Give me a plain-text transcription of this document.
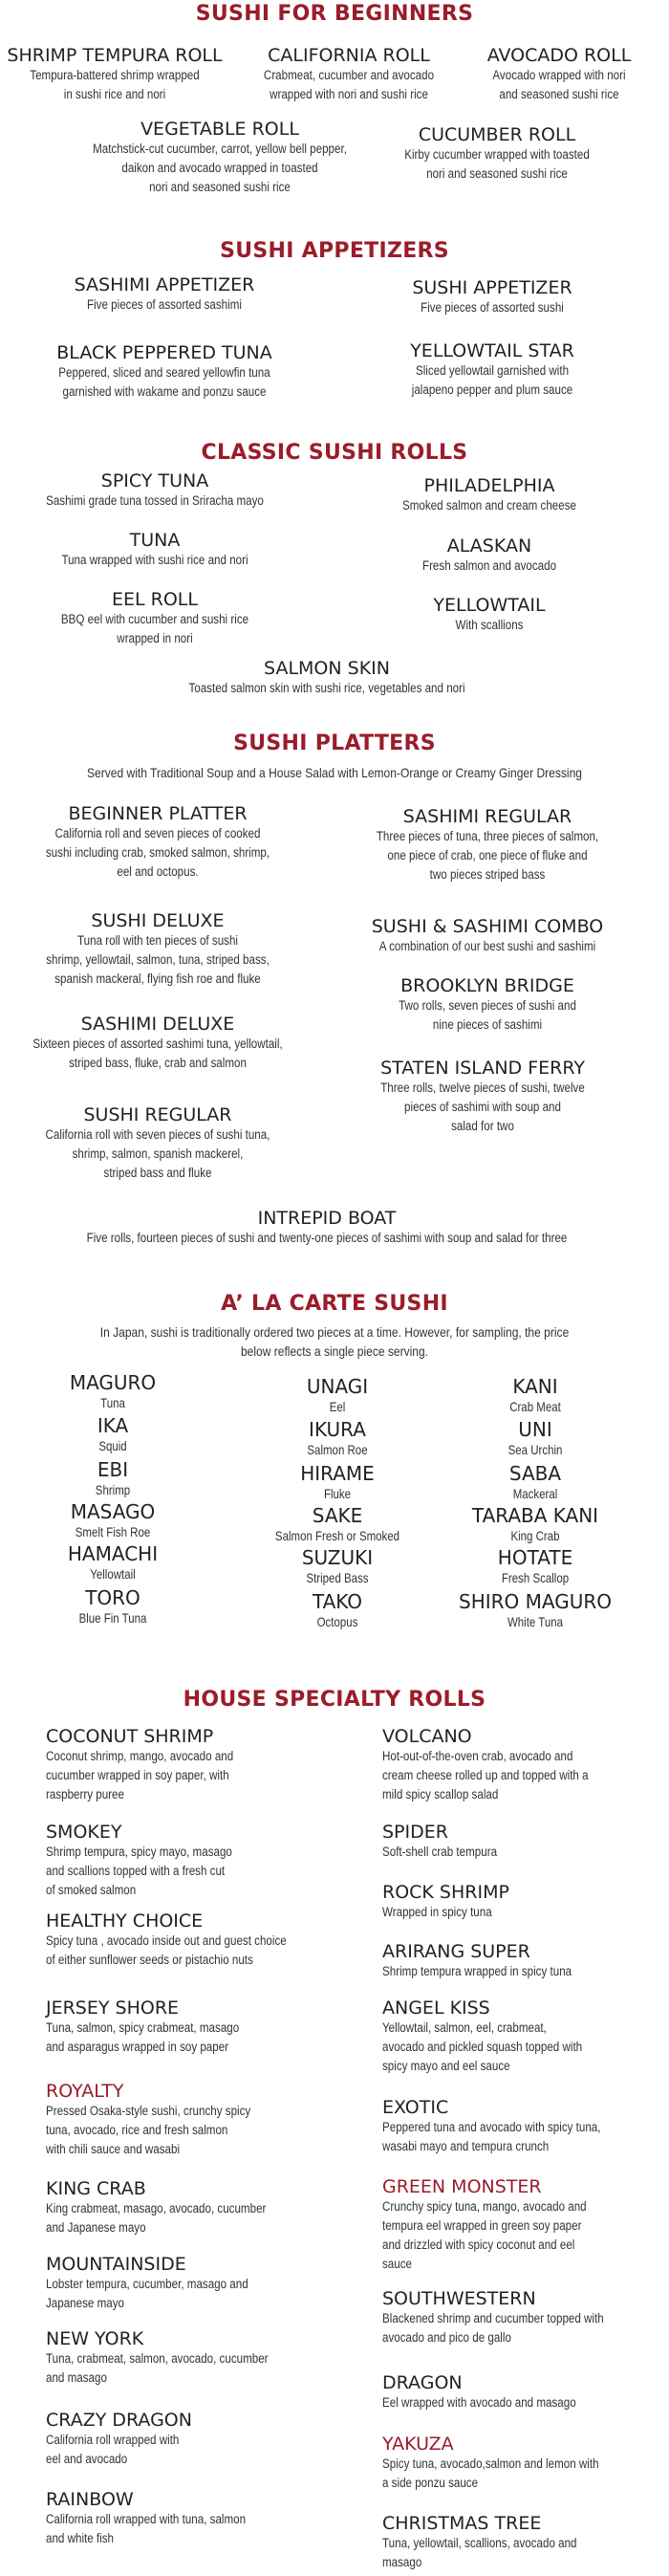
SUSHI FOR BEGINNERS
SHRIMP TEMPURA ROLL
Tempura-battered shrimp wrapped
in sushi rice and nori
CALIFORNIA ROLL
Crabmeat, cucumber and avocado
wrapped with nori and sushi rice
AVOCADO ROLL
Avocado wrapped with nori
and seasoned sushi rice
VEGETABLE ROLL
Matchstick-cut cucumber, carrot, yellow bell pepper,
daikon and avocado wrapped in toasted
nori and seasoned sushi rice
CUCUMBER ROLL
Kirby cucumber wrapped with toasted
nori and seasoned sushi rice
SUSHI APPETIZERS
SASHIMI APPETIZER
Five pieces of assorted sashimi
SUSHI APPETIZER
Five pieces of assorted sushi
BLACK PEPPERED TUNA
Peppered, sliced and seared yellowfin tuna
garnished with wakame and ponzu sauce
YELLOWTAIL STAR
Sliced yellowtail garnished with
jalapeno pepper and plum sauce
CLASSIC SUSHI ROLLS
SPICY TUNA
Sashimi grade tuna tossed in Sriracha mayo
PHILADELPHIA
Smoked salmon and cream cheese
TUNA
Tuna wrapped with sushi rice and nori
ALASKAN
Fresh salmon and avocado
EEL ROLL
BBQ eel with cucumber and sushi rice
wrapped in nori
YELLOWTAIL
With scallions
SALMON SKIN
Toasted salmon skin with sushi rice, vegetables and nori
SUSHI PLATTERS
Served with Traditional Soup and a House Salad with Lemon-Orange or Creamy Ginger Dressing
BEGINNER PLATTER
California roll and seven pieces of cooked
sushi including crab, smoked salmon, shrimp,
eel and octopus.
SASHIMI REGULAR
Three pieces of tuna, three pieces of salmon,
one piece of crab, one piece of fluke and
two pieces striped bass
SUSHI DELUXE
Tuna roll with ten pieces of sushi
shrimp, yellowtail, salmon, tuna, striped bass,
spanish mackeral, flying fish roe and fluke
SUSHI & SASHIMI COMBO
A combination of our best sushi and sashimi
BROOKLYN BRIDGE
Two rolls, seven pieces of sushi and
nine pieces of sashimi
SASHIMI DELUXE
Sixteen pieces of assorted sashimi tuna, yellowtail,
striped bass, fluke, crab and salmon	STATEN ISLAND FERRY
Three rolls, twelve pieces of sushi, twelve
pieces of sashimi with soup and
salad for two
SUSHI REGULAR
California roll with seven pieces of sushi tuna,
shrimp, salmon, spanish mackerel,
striped bass and fluke
INTREPID BOAT
Five rolls, fourteen pieces of sushi and twenty-one pieces of sashimi with soup and salad for three
A’ LA CARTE SUSHI
In Japan, sushi is traditionally ordered two pieces at a time. However, for sampling, the price
below reflects a single piece serving.
MAGURO
Tuna
IKA
Squid
EBI
Shrimp
MASAGO
Smelt Fish Roe
HAMACHI
Yellowtail
TORO
Blue Fin Tuna
UNAGI
Eel
IKURA
Salmon Roe
HIRAME
Fluke
SAKE
Salmon Fresh or Smoked
SUZUKI
Striped Bass
TAKO
Octopus
KANI
Crab Meat
UNI
Sea Urchin
SABA
Mackeral
TARABA KANI
King Crab
HOTATE
Fresh Scallop
SHIRO MAGURO
White Tuna
HOUSE SPECIALTY ROLLS
COCONUT SHRIMP
Coconut shrimp, mango, avocado and
cucumber wrapped in soy paper, with
raspberry puree
SMOKEY
Shrimp tempura, spicy mayo, masago
and scallions topped with a fresh cut
of smoked salmon
HEALTHY CHOICE
Spicy tuna , avocado inside out and guest choice
of either sunflower seeds or pistachio nuts
JERSEY SHORE
Tuna, salmon, spicy crabmeat, masago
and asparagus wrapped in soy paper
ROYALTY
Pressed Osaka-style sushi, crunchy spicy
tuna, avocado, rice and fresh salmon
with chili sauce and wasabi
KING CRAB
King crabmeat, masago, avocado, cucumber
and Japanese mayo
MOUNTAINSIDE
Lobster tempura, cucumber, masago and
Japanese mayo
NEW YORK
Tuna, crabmeat, salmon, avocado, cucumber
and masago
CRAZY DRAGON
California roll wrapped with
eel and avocado
RAINBOW
California roll wrapped with tuna, salmon
and white fish
VOLCANO
Hot-out-of-the-oven crab, avocado and
cream cheese rolled up and topped with a
mild spicy scallop salad
SPIDER
Soft-shell crab tempura
ROCK SHRIMP
Wrapped in spicy tuna
ARIRANG SUPER
Shrimp tempura wrapped in spicy tuna
ANGEL KISS
Yellowtail, salmon, eel, crabmeat,
avocado and pickled squash topped with
spicy mayo and eel sauce
EXOTIC
Peppered tuna and avocado with spicy tuna,
wasabi mayo and tempura crunch
GREEN MONSTER
Crunchy spicy tuna, mango, avocado and
tempura eel wrapped in green soy paper
and drizzled with spicy coconut and eel
sauce
SOUTHWESTERN
Blackened shrimp and cucumber topped with
avocado and pico de gallo
DRAGON
Eel wrapped with avocado and masago
YAKUZA
Spicy tuna, avocado,salmon and lemon with
a side ponzu sauce
CHRISTMAS TREE
Tuna, yellowtail, scallions, avocado and
masago
